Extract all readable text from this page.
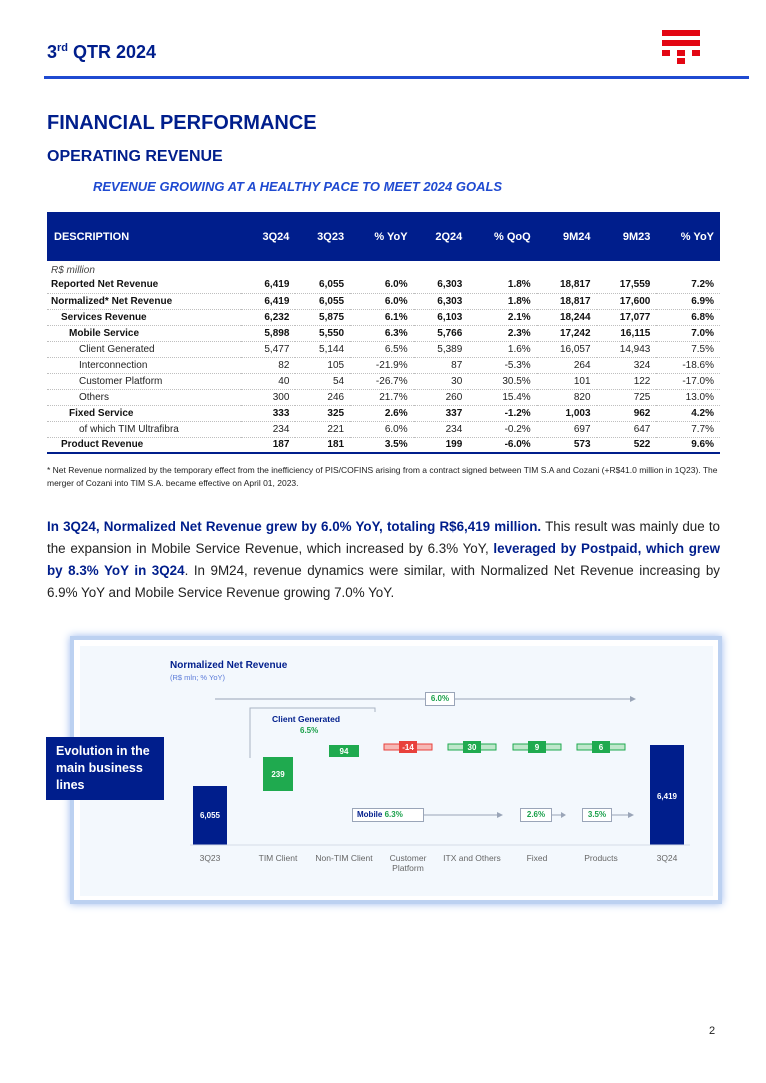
3rd QTR 2024
FINANCIAL PERFORMANCE
OPERATING REVENUE
REVENUE GROWING AT A HEALTHY PACE TO MEET 2024 GOALS
DESCRIPTION	3Q24	3Q23	% YoY	2Q24	% QoQ	9M24	9M23	% YoY
R$ million								
Reported Net Revenue	6,419	6,055	6.0%	6,303	1.8%	18,817	17,559	7.2%
Normalized* Net Revenue	6,419	6,055	6.0%	6,303	1.8%	18,817	17,600	6.9%
Services Revenue	6,232	5,875	6.1%	6,103	2.1%	18,244	17,077	6.8%
Mobile Service	5,898	5,550	6.3%	5,766	2.3%	17,242	16,115	7.0%
Client Generated	5,477	5,144	6.5%	5,389	1.6%	16,057	14,943	7.5%
Interconnection	82	105	-21.9%	87	-5.3%	264	324	-18.6%
Customer Platform	40	54	-26.7%	30	30.5%	101	122	-17.0%
Others	300	246	21.7%	260	15.4%	820	725	13.0%
Fixed Service	333	325	2.6%	337	-1.2%	1,003	962	4.2%
of which TIM Ultrafibra	234	221	6.0%	234	-0.2%	697	647	7.7%
Product Revenue	187	181	3.5%	199	-6.0%	573	522	9.6%
* Net Revenue normalized by the temporary effect from the inefficiency of PIS/COFINS arising from a contract signed between TIM S.A and Cozani (+R$41.0 million in 1Q23). The merger of Cozani into TIM S.A. became effective on April 01, 2023.
In 3Q24, Normalized Net Revenue grew by 6.0% YoY, totaling R$6,419 million. This result was mainly due to the expansion in Mobile Service Revenue, which increased by 6.3% YoY, leveraged by Postpaid, which grew by 8.3% YoY in 3Q24. In 9M24, revenue dynamics were similar, with Normalized Net Revenue increasing by 6.9% YoY and Mobile Service Revenue growing 7.0% YoY.
Evolution in the main business lines
Normalized Net Revenue
(R$ mln; % YoY)
6,055
239
94	-14	30	9	6
6,419
6.0%
Client Generated
6.5%
Mobile 6.3%	2.6%	3.5%
3Q23	TIM Client	Non-TIM Client	Customer Platform
ITX and Others	Fixed	Products	3Q24
2
